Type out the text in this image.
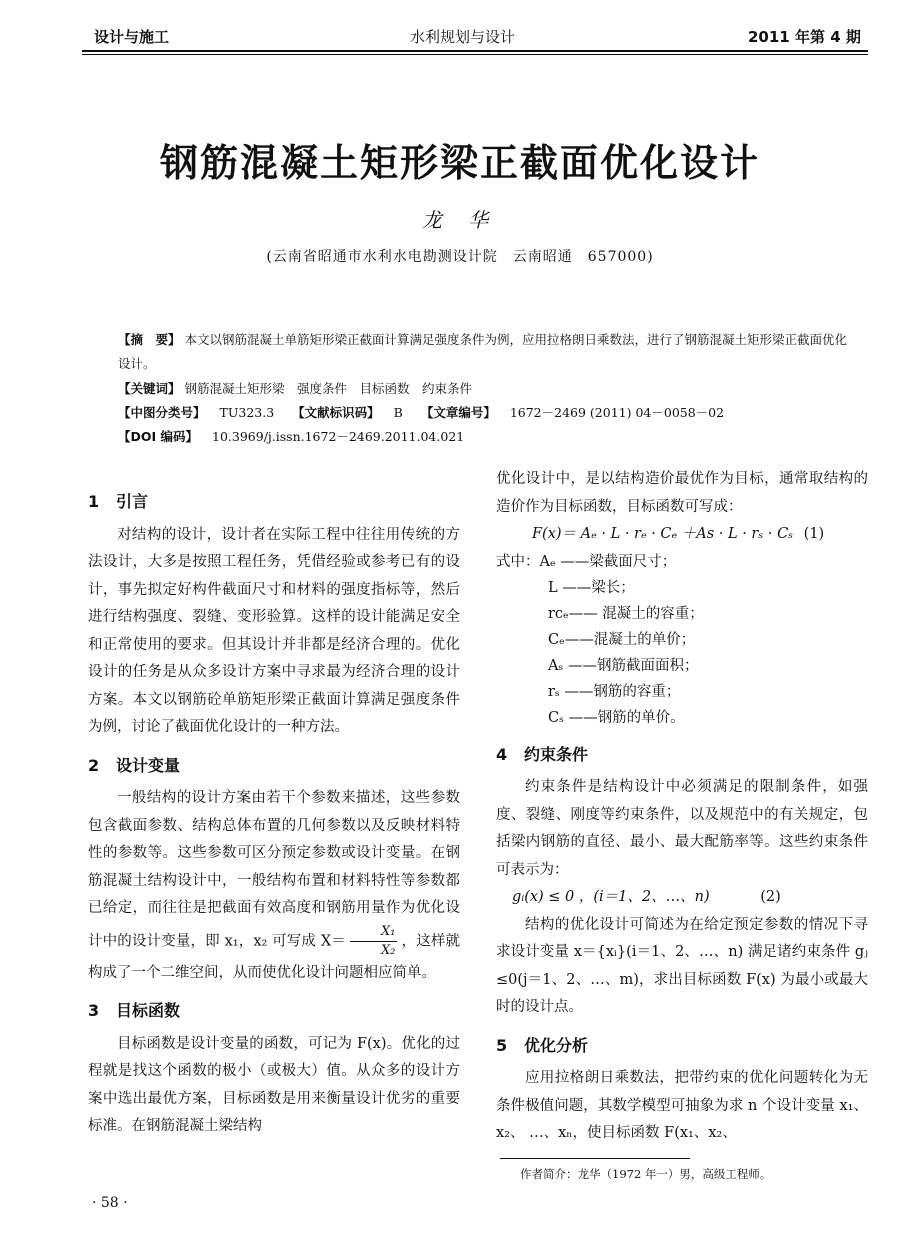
设计与施工	水利规划与设计	2011 年第 4 期
钢筋混凝土矩形梁正截面优化设计
龙 华
(云南省昭通市水利水电勘测设计院　云南昭通　657000)
【摘　要】 本文以钢筋混凝土单筋矩形梁正截面计算满足强度条件为例，应用拉格朗日乘数法，进行了钢筋混凝土矩形梁正截面优化设计。
【关键词】 钢筋混凝土矩形梁　强度条件　目标函数　约束条件
【中图分类号】 TU323.3 【文献标识码】 B 【文章编号】 1672－2469 (2011) 04－0058－02
【DOI 编码】 10.3969/j.issn.1672－2469.2011.04.021
1 引言

对结构的设计，设计者在实际工程中往往用传统的方法设计，大多是按照工程任务，凭借经验或参考已有的设计，事先拟定好构件截面尺寸和材料的强度指标等，然后进行结构强度、裂缝、变形验算。这样的设计能满足安全和正常使用的要求。但其设计并非都是经济合理的。优化设计的任务是从众多设计方案中寻求最为经济合理的设计方案。本文以钢筋砼单筋矩形梁正截面计算满足强度条件为例，讨论了截面优化设计的一种方法。

2 设计变量

一般结构的设计方案由若干个参数来描述，这些参数包含截面参数、结构总体布置的几何参数以及反映材料特性的参数等。这些参数可区分预定参数或设计变量。在钢筋混凝土结构设计中，一般结构布置和材料特性等参数都已给定，而往往是把截面有效高度和钢筋用量作为优化设计中的设计变量，即 x₁，x₂ 可写成 $X= \frac{\text{X₁}}{\text{X₂}}$ ，这样就构成了一个二维空间，从而使优化设计问题相应简单。

3 目标函数

目标函数是设计变量的函数，可记为 F(x)。优化的过程就是找这个函数的极小（或极大）值。从众多的设计方案中选出最优方案，目标函数是用来衡量设计优劣的重要标准。在钢筋混凝土梁结构

优化设计中，是以结构造价最优作为目标，通常取结构的造价作为目标函数，目标函数可写成：

F(x)＝ Aₑ · L · rₑ · Cₑ ＋As · L · rₛ · Cₛ (1)
式中：Aₑ ——梁截面尺寸；
L ——梁长；
rcₑ—— 混凝土的容重；
Cₑ——混凝土的单价；
Aₛ ——钢筋截面面积；
rₛ ——钢筋的容重；
Cₛ ——钢筋的单价。
4 约束条件

约束条件是结构设计中必须满足的限制条件，如强度、裂缝、刚度等约束条件，以及规范中的有关规定，包括梁内钢筋的直径、最小、最大配筋率等。这些约束条件可表示为：

gᵢ(x) ≤ 0 ，(i＝1、2、…、n)	(2)

结构的优化设计可简述为在给定预定参数的情况下寻求设计变量 x＝{xᵢ}(i＝1、2、…、n) 满足诸约束条件 gⱼ ≤0(j＝1、2、…、m)，求出目标函数 F(x) 为最小或最大时的设计点。

5 优化分析

应用拉格朗日乘数法，把带约束的优化问题转化为无条件极值问题，其数学模型可抽象为求 n 个设计变量 x₁、x₂、 …、xₙ，使目标函数 F(x₁、x₂、

作者简介：龙华（1972 年一）男，高级工程师。
· 58 ·
